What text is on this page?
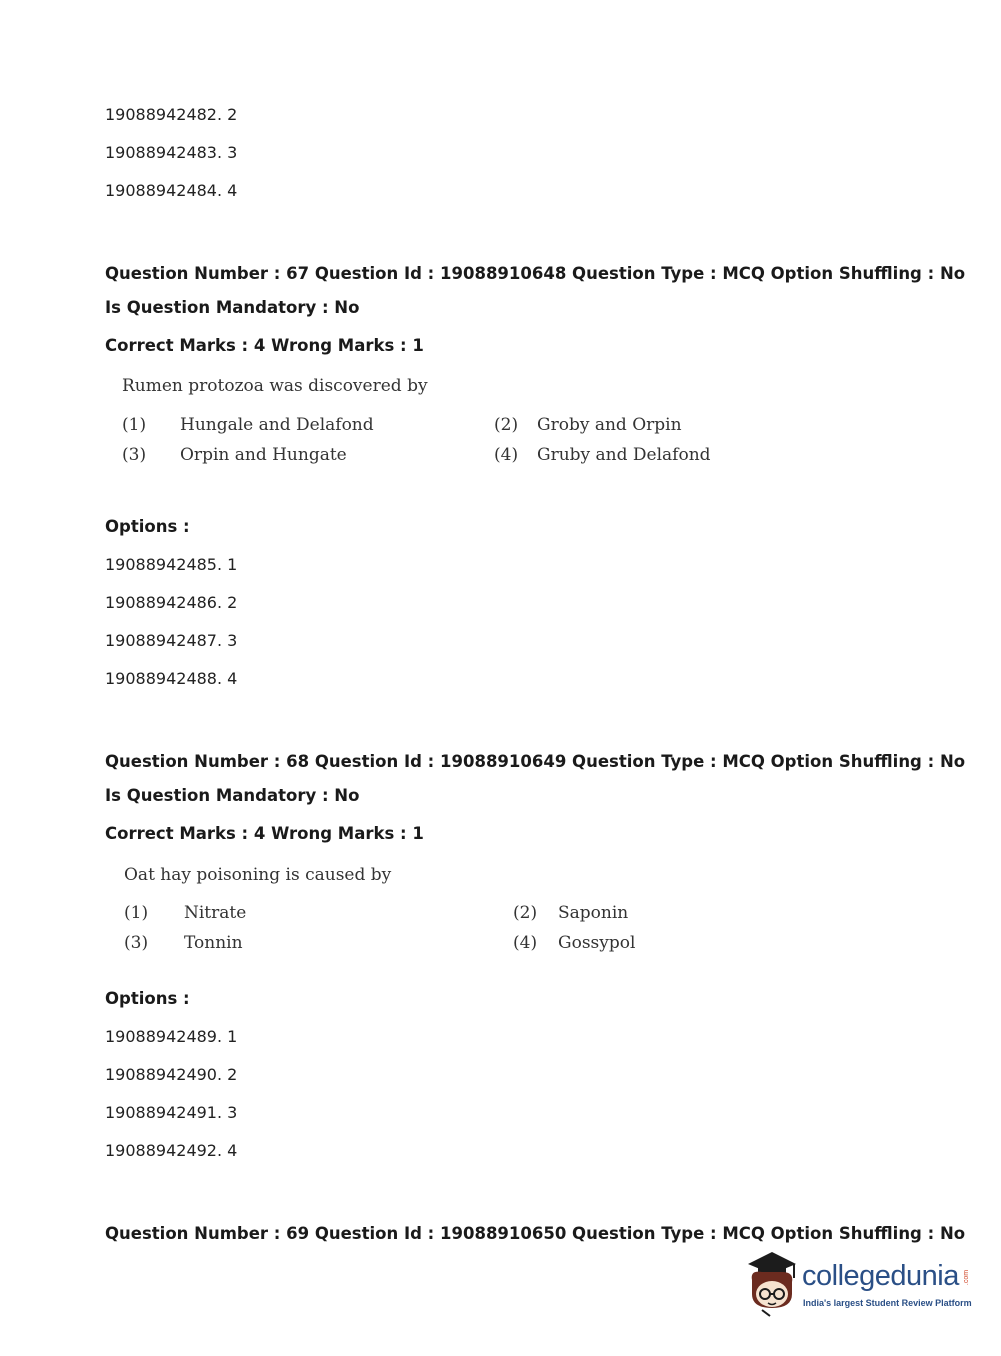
19088942482. 2
19088942483. 3
19088942484. 4
Question Number : 67 Question Id : 19088910648 Question Type : MCQ Option Shuffling : No
Is Question Mandatory : No
Correct Marks : 4 Wrong Marks : 1
Rumen protozoa was discovered by
(1) Hungale and Delafond	(2) Groby and Orpin
(3) Orpin and Hungate	(4) Gruby and Delafond
Options :
19088942485. 1
19088942486. 2
19088942487. 3
19088942488. 4
Question Number : 68 Question Id : 19088910649 Question Type : MCQ Option Shuffling : No
Is Question Mandatory : No
Correct Marks : 4 Wrong Marks : 1
Oat hay poisoning is caused by
(1) Nitrate	(2) Saponin
(3) Tonnin	(4) Gossypol
Options :
19088942489. 1
19088942490. 2
19088942491. 3
19088942492. 4
Question Number : 69 Question Id : 19088910650 Question Type : MCQ Option Shuffling : No
collegedunia .com
India's largest Student Review Platform
